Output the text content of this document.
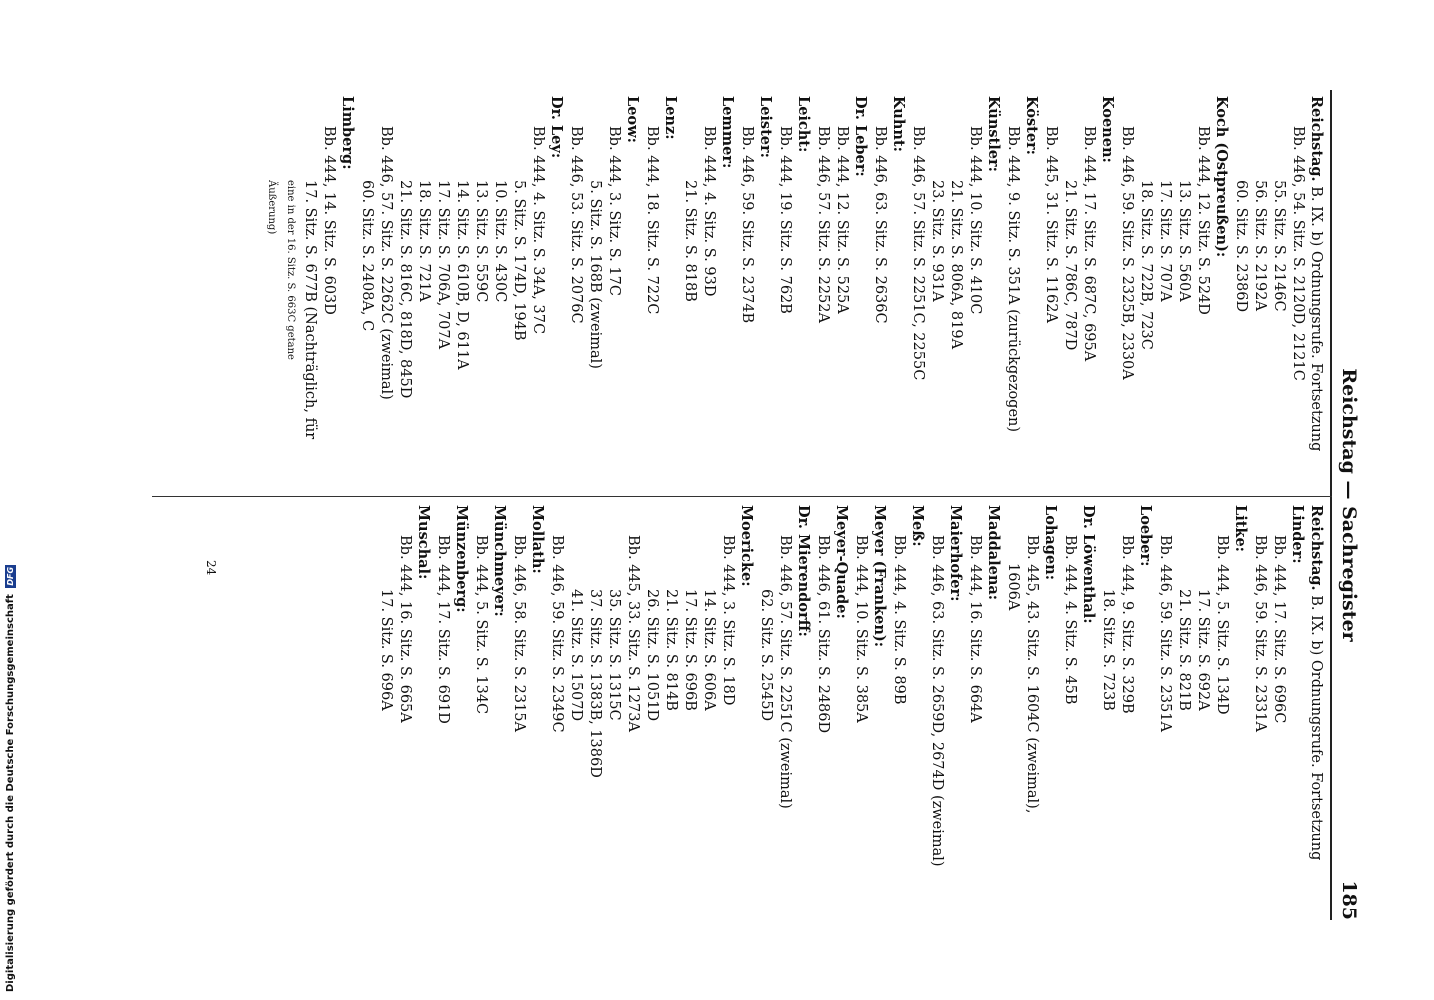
Reichstag — Sachregister
185
Reichstag. B. IX. b) Ordnungsrufe. Fortsetzung
Bb. 446, 54. Sitz. S. 2120D, 2121C
55. Sitz. S. 2146C
56. Sitz. S. 2192A
60. Sitz. S. 2386D
Koch (Ostpreußen):
Bb. 444, 12. Sitz. S. 524D
13. Sitz. S. 560A
17. Sitz. S. 707A
18. Sitz. S. 722B, 723C
Bb. 446, 59. Sitz. S. 2325B, 2330A
Koenen:
Bb. 444, 17. Sitz. S. 687C, 695A
21. Sitz. S. 786C, 787D
Bb. 445, 31. Sitz. S. 1162A
Köster:
Bb. 444, 9. Sitz. S. 351A (zurückgezogen)
Künstler:
Bb. 444, 10. Sitz. S. 410C
21. Sitz. S. 806A, 819A
23. Sitz. S. 931A
Bb. 446, 57. Sitz. S. 2251C, 2255C
Kuhnt:
Bb. 446, 63. Sitz. S. 2636C
Dr. Leber:
Bb. 444, 12. Sitz. S. 525A
Bb. 446, 57. Sitz. S. 2252A
Leicht:
Bb. 444, 19. Sitz. S. 762B
Leister:
Bb. 446, 59. Sitz. S. 2374B
Lemmer:
Bb. 444, 4. Sitz. S. 93D
21. Sitz. S. 818B
Lenz:
Bb. 444, 18. Sitz. S. 722C
Leow:
Bb. 444, 3. Sitz. S. 17C
5. Sitz. S. 168B (zweimal)
Bb. 446, 53. Sitz. S. 2076C
Dr. Ley:
Bb. 444, 4. Sitz. S. 34A, 37C
5. Sitz. S. 174D, 194B
10. Sitz. S. 430C
13. Sitz. S. 559C
14. Sitz. S. 610B, D, 611A
17. Sitz. S. 706A, 707A
18. Sitz. S. 721A
21. Sitz. S. 816C, 818D, 845D
Bb. 446, 57. Sitz. S. 2262C (zweimal)
60. Sitz. S. 2408A, C
Limberg:
Bb. 444, 14. Sitz. S. 603D
17. Sitz. S. 677B (Nachträglich, für
eine in der 16. Sitz. S. 663C getane
Äußerung)
Reichstag. B. IX. b) Ordnungsrufe. Fortsetzung
Linder:
Bb. 444, 17. Sitz. S. 696C
Bb. 446, 59. Sitz. S. 2331A
Litke:
Bb. 444, 5. Sitz. S. 134D
17. Sitz. S. 692A
21. Sitz. S. 821B
Bb. 446, 59. Sitz. S. 2351A
Loeber:
Bb. 444, 9. Sitz. S. 329B
18. Sitz. S. 723B
Dr. Löwenthal:
Bb. 444, 4. Sitz. S. 45B
Lohagen:
Bb. 445, 43. Sitz. S. 1604C (zweimal),
1606A
Maddalena:
Bb. 444, 16. Sitz. S. 664A
Maierhofer:
Bb. 446, 63. Sitz. S. 2659D, 2674D (zweimal)
Meß:
Bb. 444, 4. Sitz. S. 89B
Meyer (Franken):
Bb. 444, 10. Sitz. S. 385A
Meyer-Quade:
Bb. 446, 61. Sitz. S. 2486D
Dr. Mierendorff:
Bb. 446, 57. Sitz. S. 2251C (zweimal)
62. Sitz. S. 2545D
Moericke:
Bb. 444, 3. Sitz. S. 18D
14. Sitz. S. 606A
17. Sitz. S. 696B
21. Sitz. S. 814B
26. Sitz. S. 1051D
Bb. 445, 33. Sitz. S. 1273A
35. Sitz. S. 1315C
37. Sitz. S. 1383B, 1386D
41. Sitz. S. 1507D
Bb. 446, 59. Sitz. S. 2349C
Mollath:
Bb. 446, 58. Sitz. S. 2315A
Münchmeyer:
Bb. 444, 5. Sitz. S. 134C
Münzenberg:
Bb. 444, 17. Sitz. S. 691D
Muschal:
Bb. 444, 16. Sitz. S. 665A
17. Sitz. S. 696A
24
Digitalisierung gefördert durch die Deutsche Forschungsgemeinschaft DFG
